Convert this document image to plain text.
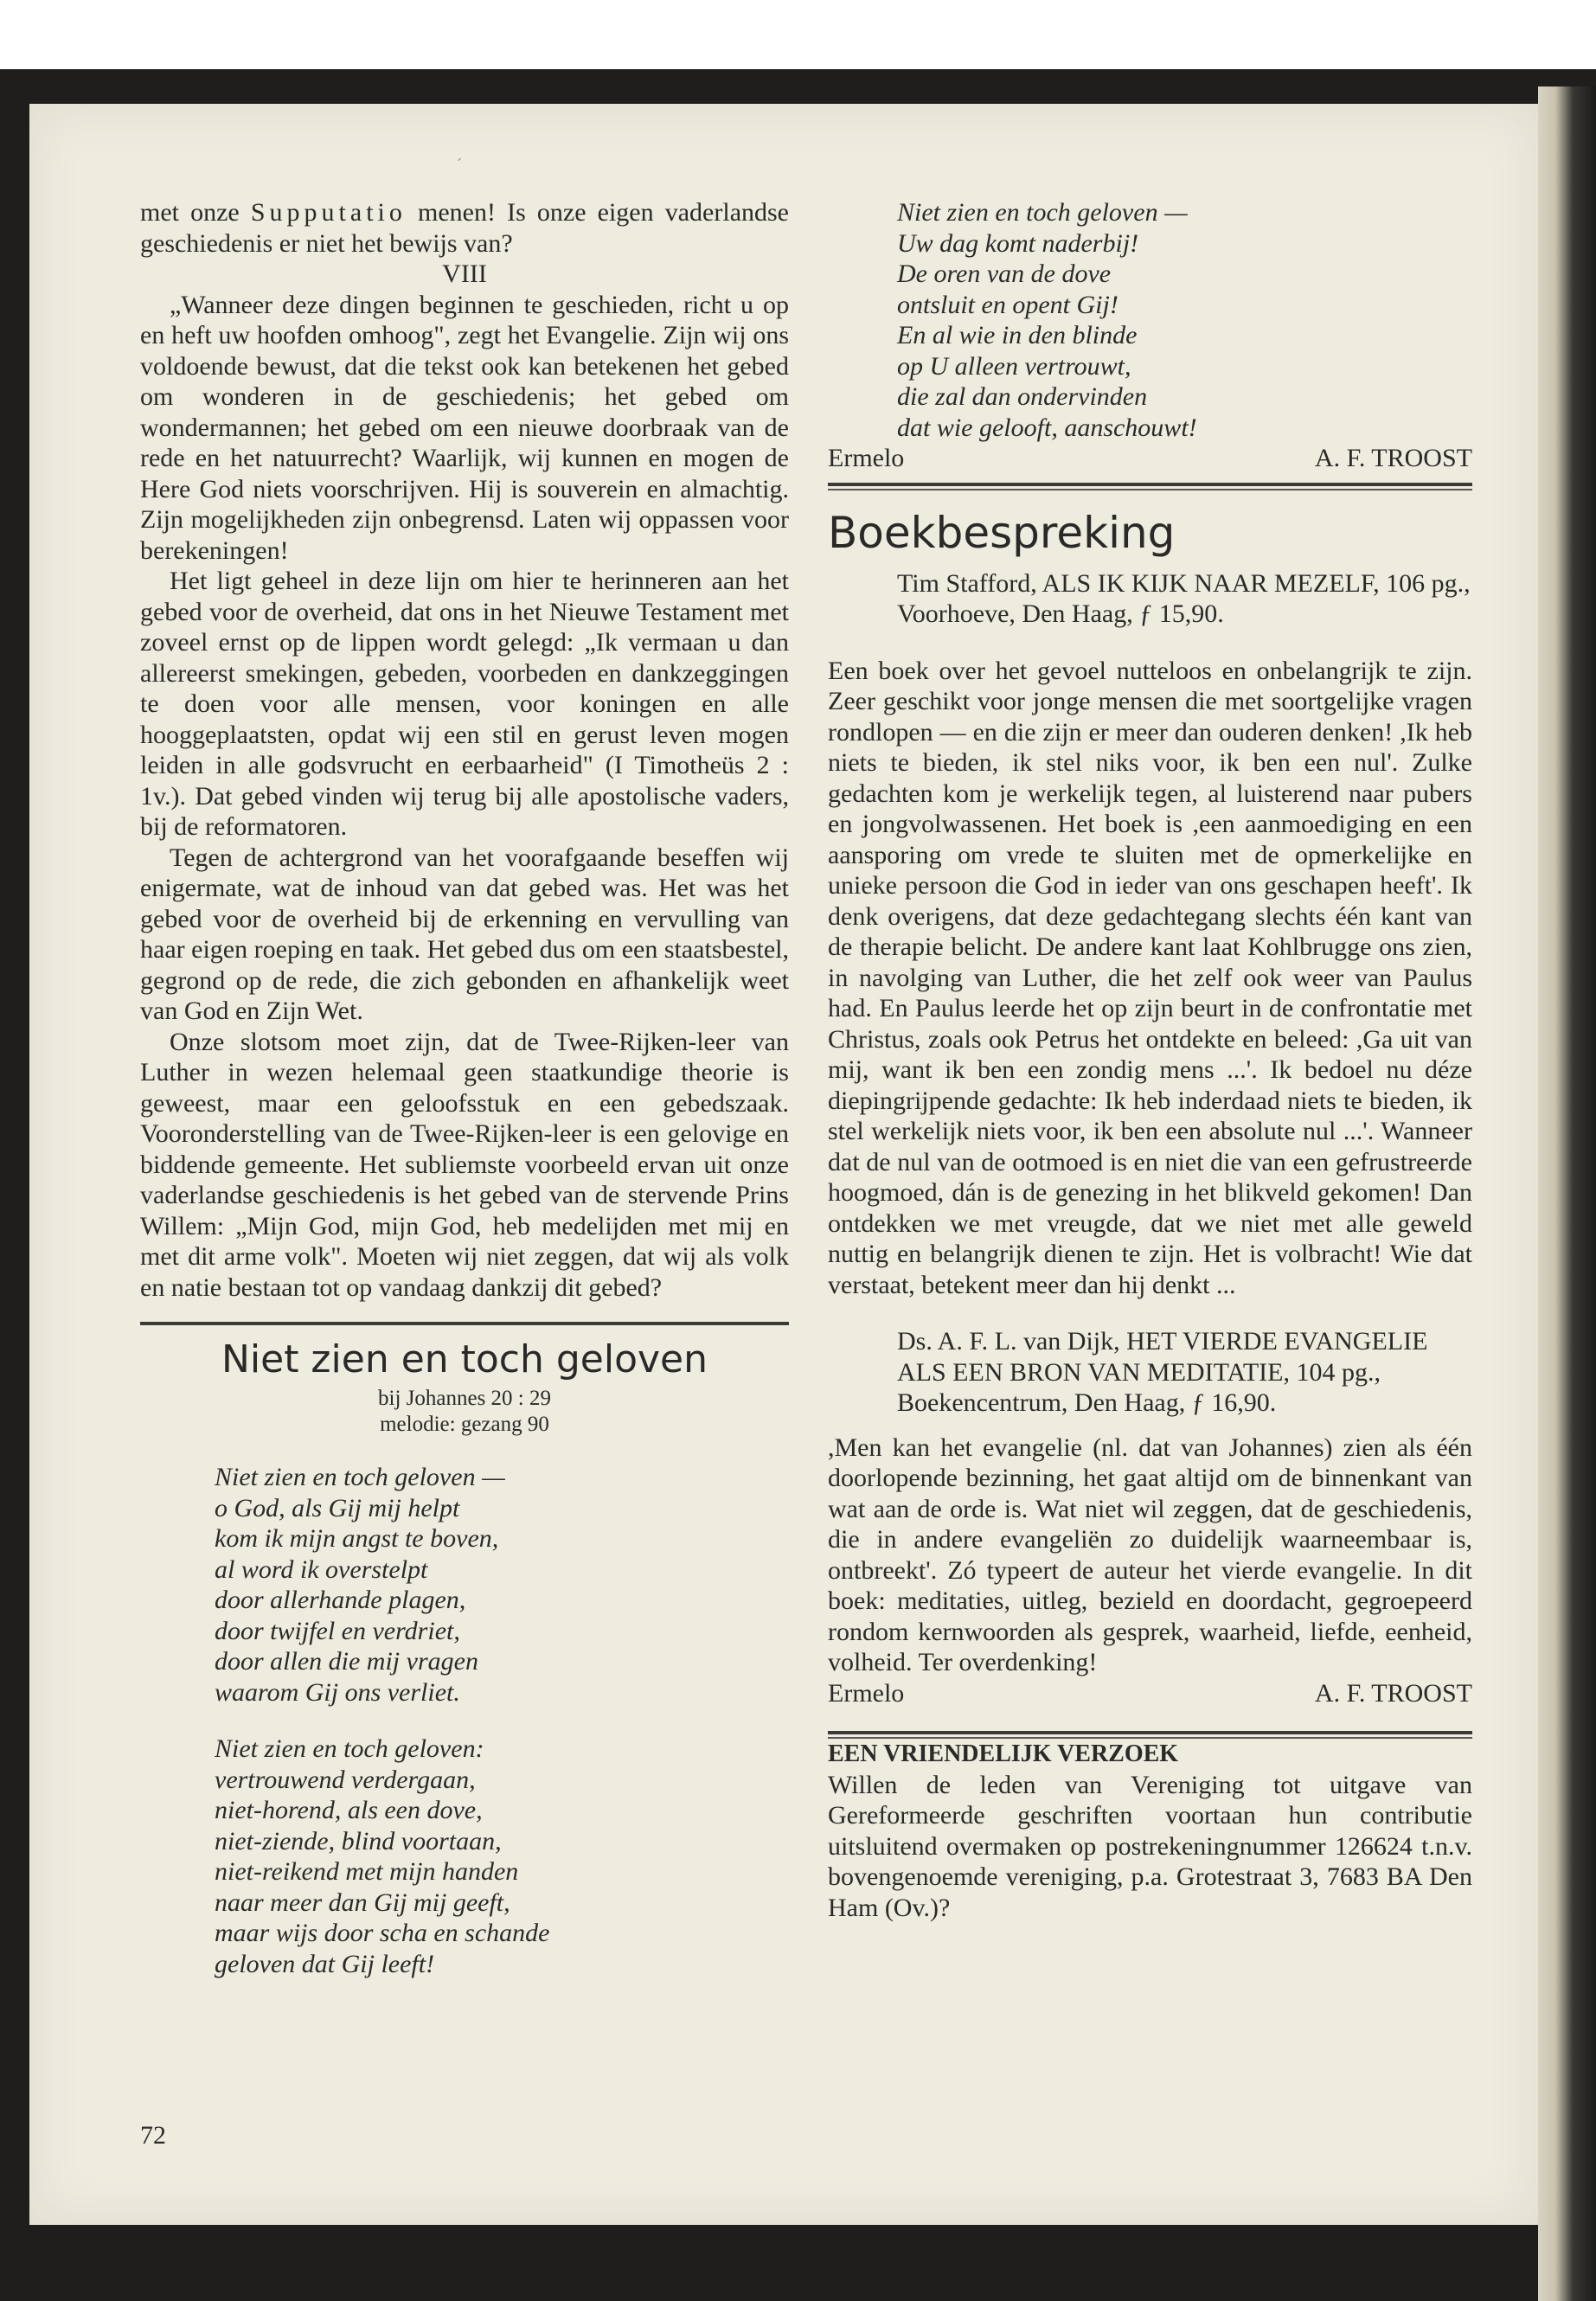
´

met onze Supputatio menen! Is onze eigen vaderlandse geschiedenis er niet het bewijs van?

VIII

„Wanneer deze dingen beginnen te geschieden, richt u op en heft uw hoofden omhoog", zegt het Evangelie. Zijn wij ons voldoende bewust, dat die tekst ook kan betekenen het gebed om wonderen in de geschiedenis; het gebed om wondermannen; het gebed om een nieuwe doorbraak van de rede en het natuurrecht? Waarlijk, wij kunnen en mogen de Here God niets voorschrijven. Hij is souverein en almachtig. Zijn mogelijkheden zijn onbegrensd. Laten wij oppassen voor berekeningen!

Het ligt geheel in deze lijn om hier te herinneren aan het gebed voor de overheid, dat ons in het Nieuwe Testament met zoveel ernst op de lippen wordt gelegd: „Ik vermaan u dan allereerst smekingen, gebeden, voorbeden en dankzeggingen te doen voor alle mensen, voor koningen en alle hooggeplaatsten, opdat wij een stil en gerust leven mogen leiden in alle godsvrucht en eerbaarheid" (I Timotheüs 2 : 1v.). Dat gebed vinden wij terug bij alle apostolische vaders, bij de reformatoren.

Tegen de achtergrond van het voorafgaande beseffen wij enigermate, wat de inhoud van dat gebed was. Het was het gebed voor de overheid bij de erkenning en vervulling van haar eigen roeping en taak. Het gebed dus om een staatsbestel, gegrond op de rede, die zich gebonden en afhankelijk weet van God en Zijn Wet.

Onze slotsom moet zijn, dat de Twee-Rijken-leer van Luther in wezen helemaal geen staatkundige theorie is geweest, maar een geloofsstuk en een gebedszaak. Vooronderstelling van de Twee-Rijken-leer is een gelovige en biddende gemeente. Het subliemste voorbeeld ervan uit onze vaderlandse geschiedenis is het gebed van de stervende Prins Willem: „Mijn God, mijn God, heb medelijden met mij en met dit arme volk". Moeten wij niet zeggen, dat wij als volk en natie bestaan tot op vandaag dankzij dit gebed?

Niet zien en toch geloven

bij Johannes 20 : 29

melodie: gezang 90

Niet zien en toch geloven —

o God, als Gij mij helpt

kom ik mijn angst te boven,

al word ik overstelpt

door allerhande plagen,

door twijfel en verdriet,

door allen die mij vragen

waarom Gij ons verliet.

Niet zien en toch geloven:

vertrouwend verdergaan,

niet-horend, als een dove,

niet-ziende, blind voortaan,

niet-reikend met mijn handen

naar meer dan Gij mij geeft,

maar wijs door scha en schande

geloven dat Gij leeft!

72

Niet zien en toch geloven —

Uw dag komt naderbij!

De oren van de dove

ontsluit en opent Gij!

En al wie in den blinde

op U alleen vertrouwt,

die zal dan ondervinden

dat wie gelooft, aanschouwt!

Ermelo	A. F. TROOST
Boekbespreking

Tim Stafford, ALS IK KIJK NAAR MEZELF, 106 pg., Voorhoeve, Den Haag, ƒ 15,90.

Een boek over het gevoel nutteloos en onbelangrijk te zijn. Zeer geschikt voor jonge mensen die met soortgelijke vragen rondlopen — en die zijn er meer dan ouderen denken! ,Ik heb niets te bieden, ik stel niks voor, ik ben een nul'. Zulke gedachten kom je werkelijk tegen, al luisterend naar pubers en jongvolwassenen. Het boek is ,een aanmoediging en een aansporing om vrede te sluiten met de opmerkelijke en unieke persoon die God in ieder van ons geschapen heeft'. Ik denk overigens, dat deze gedachtegang slechts één kant van de therapie belicht. De andere kant laat Kohlbrugge ons zien, in navolging van Luther, die het zelf ook weer van Paulus had. En Paulus leerde het op zijn beurt in de confrontatie met Christus, zoals ook Petrus het ontdekte en beleed: ,Ga uit van mij, want ik ben een zondig mens ...'. Ik bedoel nu déze diepingrijpende gedachte: Ik heb inderdaad niets te bieden, ik stel werkelijk niets voor, ik ben een absolute nul ...'. Wanneer dat de nul van de ootmoed is en niet die van een gefrustreerde hoogmoed, dán is de genezing in het blikveld gekomen! Dan ontdekken we met vreugde, dat we niet met alle geweld nuttig en belangrijk dienen te zijn. Het is volbracht! Wie dat verstaat, betekent meer dan hij denkt ...

Ds. A. F. L. van Dijk, HET VIERDE EVANGELIE ALS EEN BRON VAN MEDITATIE, 104 pg., Boekencentrum, Den Haag, ƒ 16,90.

,Men kan het evangelie (nl. dat van Johannes) zien als één doorlopende bezinning, het gaat altijd om de binnenkant van wat aan de orde is. Wat niet wil zeggen, dat de geschiedenis, die in andere evangeliën zo duidelijk waarneembaar is, ontbreekt'. Zó typeert de auteur het vierde evangelie. In dit boek: meditaties, uitleg, bezield en doordacht, gegroepeerd rondom kernwoorden als gesprek, waarheid, liefde, eenheid, volheid. Ter overdenking!

Ermelo	A. F. TROOST

EEN VRIENDELIJK VERZOEK

Willen de leden van Vereniging tot uitgave van Gereformeerde geschriften voortaan hun contributie uitsluitend overmaken op postrekeningnummer 126624 t.n.v. bovengenoemde vereniging, p.a. Grotestraat 3, 7683 BA Den Ham (Ov.)?
